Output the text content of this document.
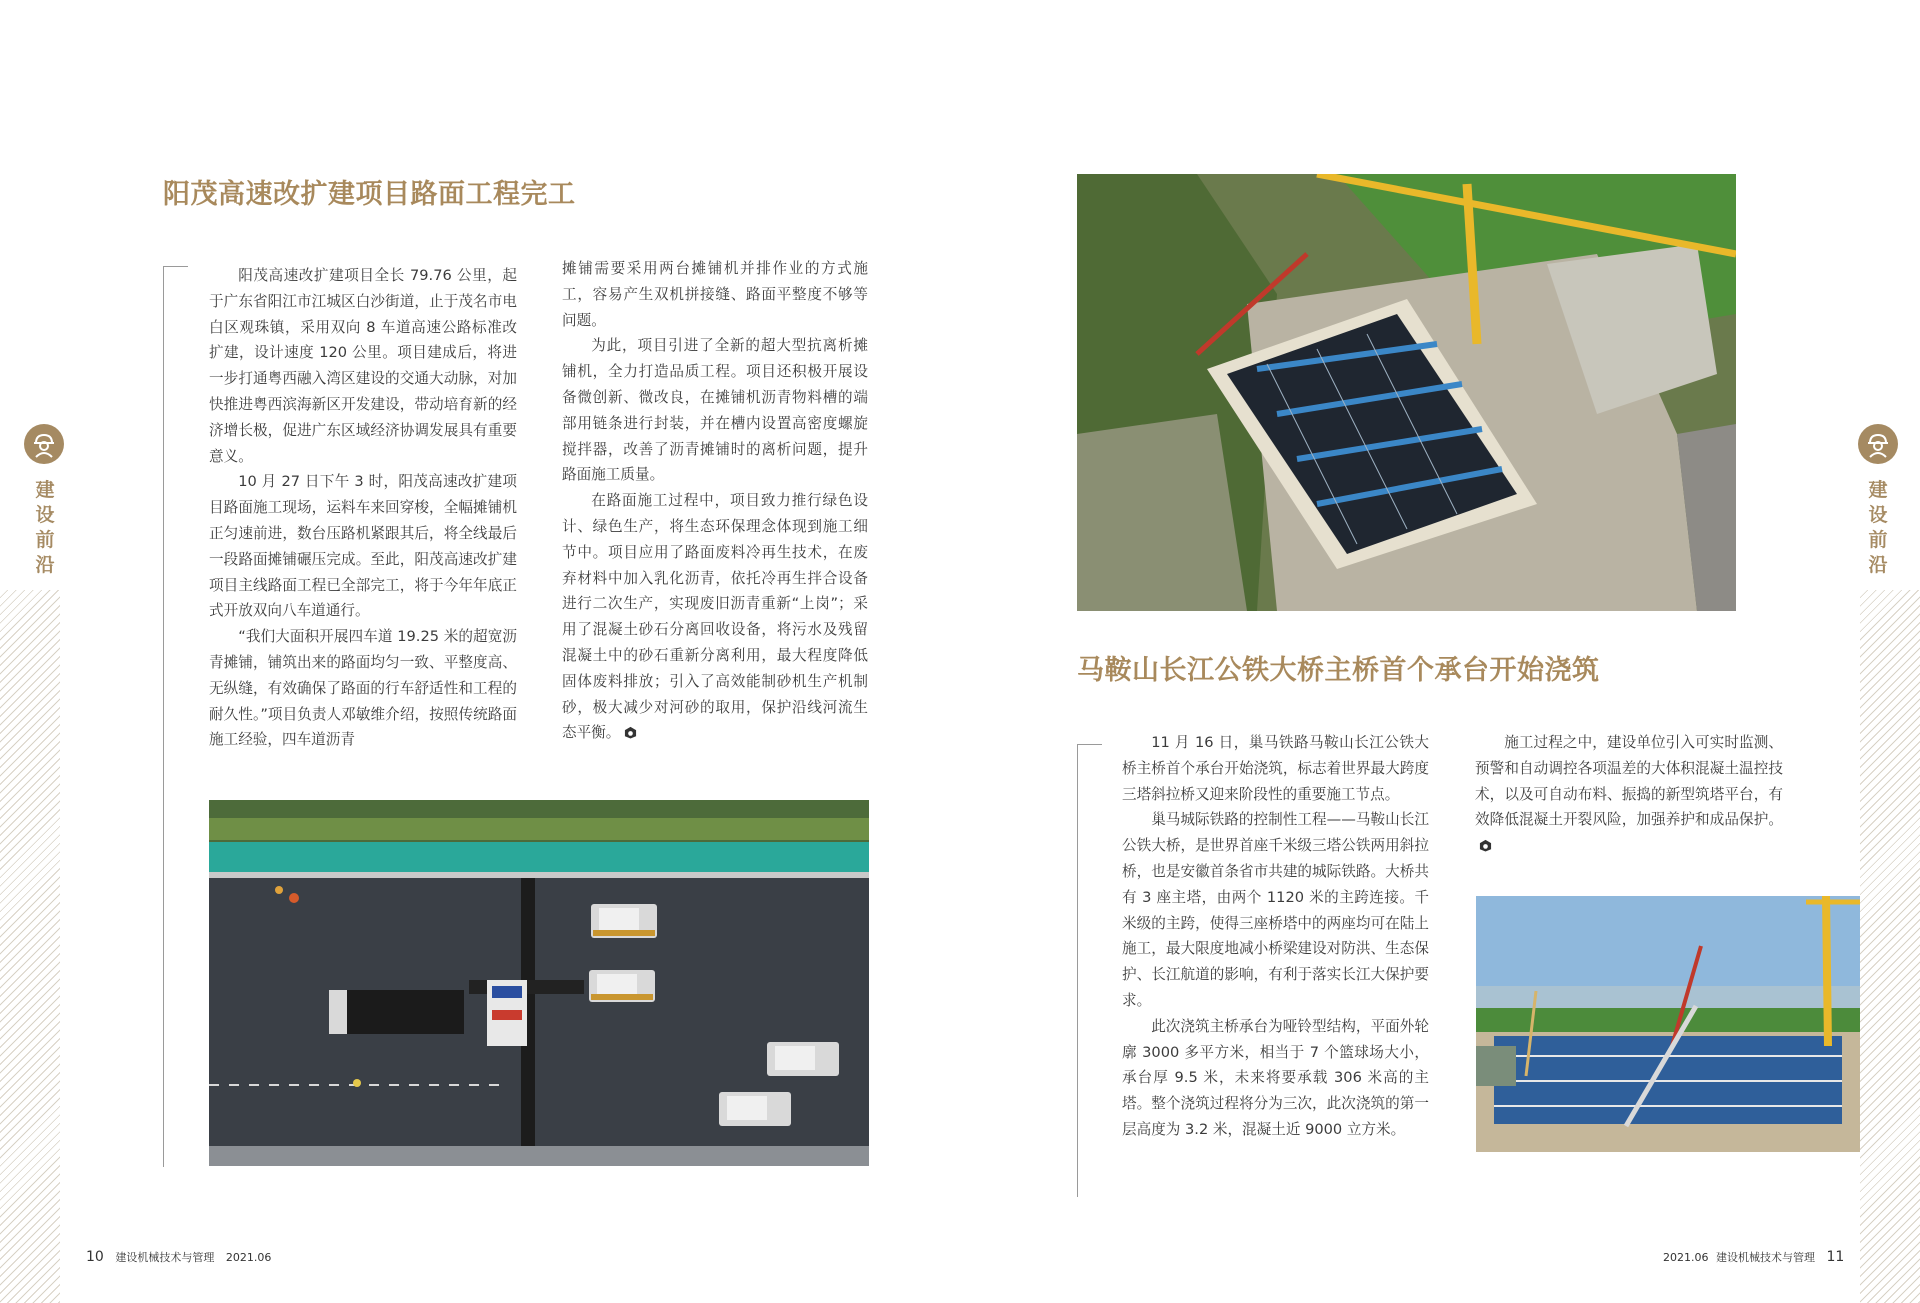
建
设
前
沿
建
设
前
沿
阳茂高速改扩建项目路面工程完工

阳茂高速改扩建项目全长 79.76 公里，起于广东省阳江市江城区白沙街道，止于茂名市电白区观珠镇，采用双向 8 车道高速公路标准改扩建，设计速度 120 公里。项目建成后，将进一步打通粤西融入湾区建设的交通大动脉，对加快推进粤西滨海新区开发建设，带动培育新的经济增长极，促进广东区域经济协调发展具有重要意义。

10 月 27 日下午 3 时，阳茂高速改扩建项目路面施工现场，运料车来回穿梭，全幅摊铺机正匀速前进，数台压路机紧跟其后，将全线最后一段路面摊铺碾压完成。至此，阳茂高速改扩建项目主线路面工程已全部完工，将于今年年底正式开放双向八车道通行。

“我们大面积开展四车道 19.25 米的超宽沥青摊铺，铺筑出来的路面均匀一致、平整度高、无纵缝，有效确保了路面的行车舒适性和工程的耐久性。”项目负责人邓敏维介绍，按照传统路面施工经验，四车道沥青

摊铺需要采用两台摊铺机并排作业的方式施工，容易产生双机拼接缝、路面平整度不够等问题。

为此，项目引进了全新的超大型抗离析摊铺机，全力打造品质工程。项目还积极开展设备微创新、微改良，在摊铺机沥青物料槽的端部用链条进行封装，并在槽内设置高密度螺旋搅拌器，改善了沥青摊铺时的离析问题，提升路面施工质量。

在路面施工过程中，项目致力推行绿色设计、绿色生产，将生态环保理念体现到施工细节中。项目应用了路面废料冷再生技术，在废弃材料中加入乳化沥青，依托冷再生拌合设备进行二次生产，实现废旧沥青重新“上岗”；采用了混凝土砂石分离回收设备，将污水及残留混凝土中的砂石重新分离利用，最大程度降低固体废料排放；引入了高效能制砂机生产机制砂，极大减少对河砂的取用，保护沿线河流生态平衡。

马鞍山长江公铁大桥主桥首个承台开始浇筑

11 月 16 日，巢马铁路马鞍山长江公铁大桥主桥首个承台开始浇筑，标志着世界最大跨度三塔斜拉桥又迎来阶段性的重要施工节点。

巢马城际铁路的控制性工程——马鞍山长江公铁大桥，是世界首座千米级三塔公铁两用斜拉桥，也是安徽首条省市共建的城际铁路。大桥共有 3 座主塔，由两个 1120 米的主跨连接。千米级的主跨，使得三座桥塔中的两座均可在陆上施工，最大限度地减小桥梁建设对防洪、生态保护、长江航道的影响，有利于落实长江大保护要求。

此次浇筑主桥承台为哑铃型结构，平面外轮廓 3000 多平方米，相当于 7 个篮球场大小，承台厚 9.5 米，未来将要承载 306 米高的主塔。整个浇筑过程将分为三次，此次浇筑的第一层高度为 3.2 米，混凝土近 9000 立方米。

施工过程之中，建设单位引入可实时监测、预警和自动调控各项温差的大体积混凝土温控技术，以及可自动布料、振捣的新型筑塔平台，有效降低混凝土开裂风险，加强养护和成品保护。

10 建设机械技术与管理 2021.06	2021.06 建设机械技术与管理 11
